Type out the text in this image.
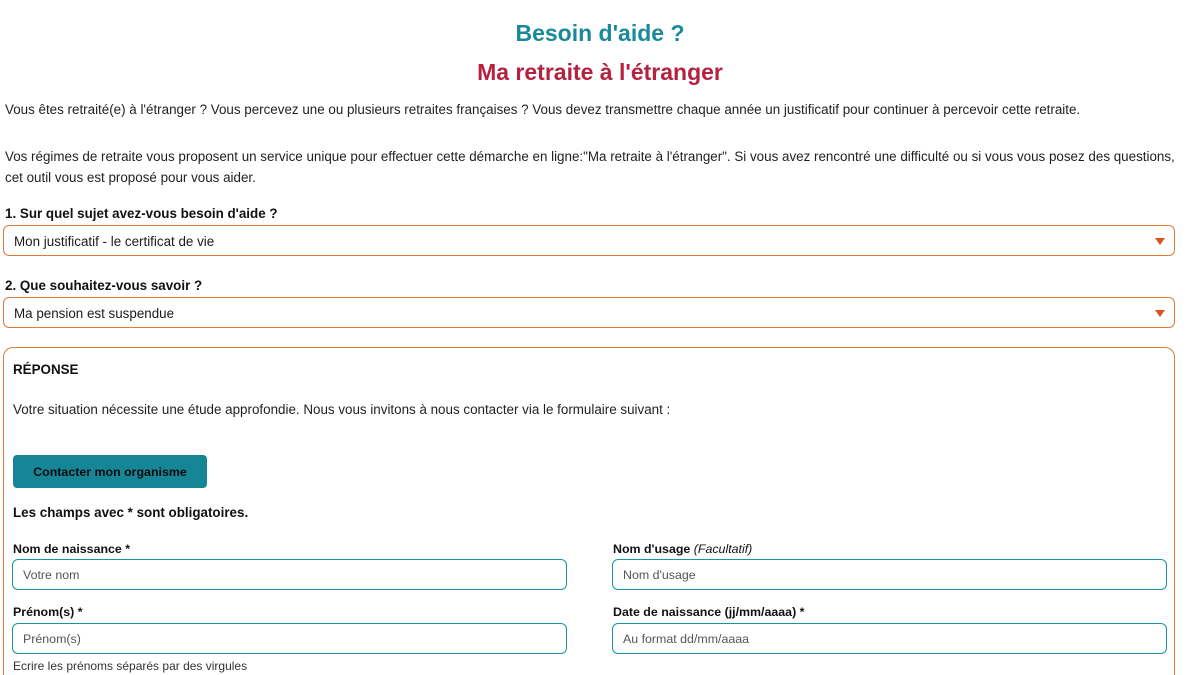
Besoin d'aide ?
Ma retraite à l'étranger

Vous êtes retraité(e) à l'étranger ? Vous percevez une ou plusieurs retraites françaises ? Vous devez transmettre chaque année un justificatif pour continuer à percevoir cette retraite.

Vos régimes de retraite vous proposent un service unique pour effectuer cette démarche en ligne:"Ma retraite à l'étranger". Si vous avez rencontré une difficulté ou si vous vous posez des questions, cet outil vous est proposé pour vous aider.

1. Sur quel sujet avez-vous besoin d'aide ?
Mon justificatif - le certificat de vie
2. Que souhaitez-vous savoir ?
Ma pension est suspendue
RÉPONSE
Votre situation nécessite une étude approfondie. Nous vous invitons à nous contacter via le formulaire suivant :
Contacter mon organisme
Les champs avec * sont obligatoires.
Nom de naissance *
Votre nom	Nom d'usage (Facultatif)
Nom d'usage
Prénom(s) *
Prénom(s)
Ecrire les prénoms séparés par des virgules
Date de naissance (jj/mm/aaaa) *
Au format dd/mm/aaaa
